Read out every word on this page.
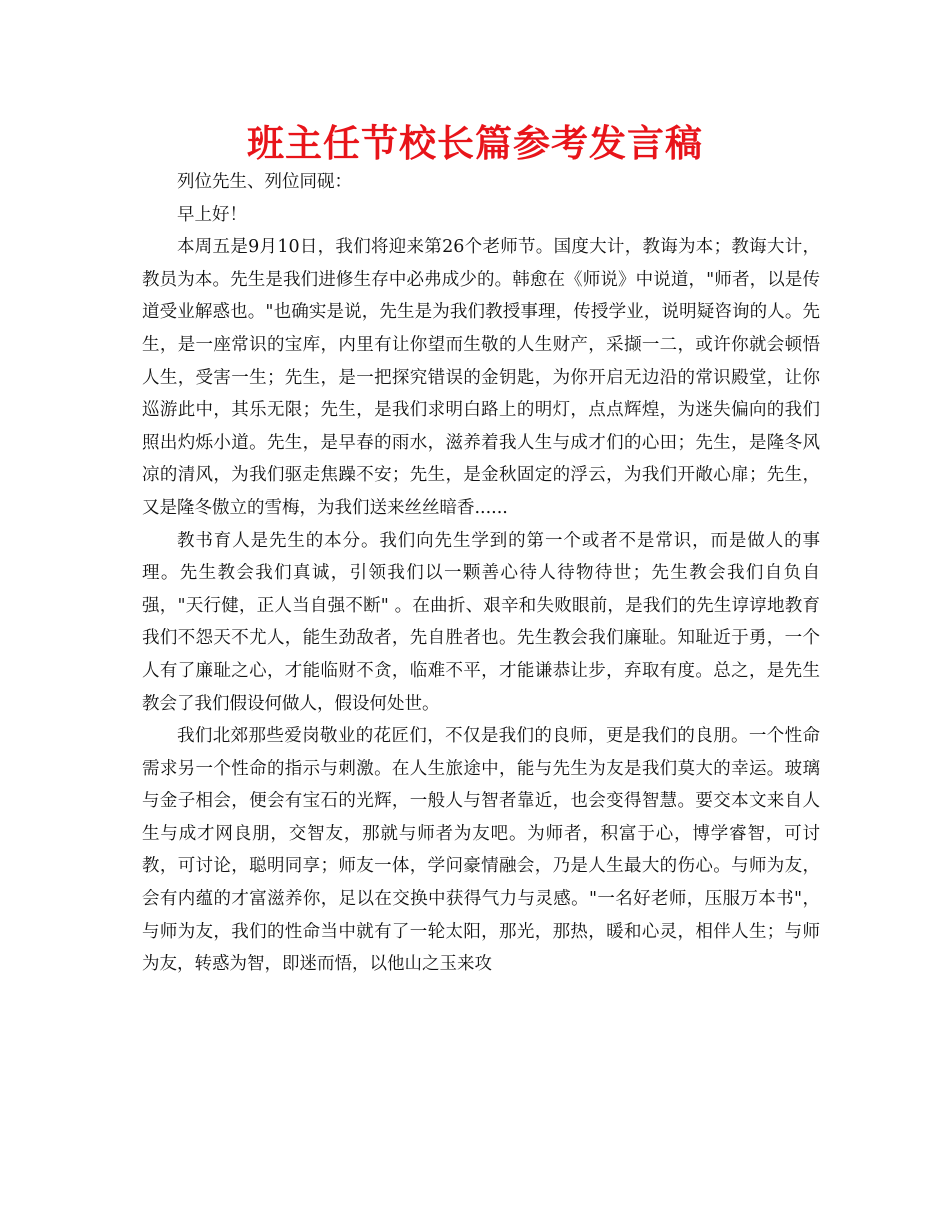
班主任节校长篇参考发言稿

列位先生、列位同砚：

早上好！

本周五是9月10日，我们将迎来第26个老师节。国度大计，教诲为本；教诲大计，教员为本。先生是我们进修生存中必弗成少的。韩愈在《师说》中说道，"师者，以是传道受业解惑也。"也确实是说，先生是为我们教授事理，传授学业，说明疑咨询的人。先生，是一座常识的宝库，内里有让你望而生敬的人生财产，采撷一二，或许你就会顿悟人生，受害一生；先生，是一把探究错误的金钥匙，为你开启无边沿的常识殿堂，让你巡游此中，其乐无限；先生，是我们求明白路上的明灯，点点辉煌，为迷失偏向的我们照出灼烁小道。先生，是早春的雨水，滋养着我人生与成才们的心田；先生，是隆冬风凉的清风，为我们驱走焦躁不安；先生，是金秋固定的浮云，为我们开敞心扉；先生，又是隆冬傲立的雪梅，为我们送来丝丝暗香......

教书育人是先生的本分。我们向先生学到的第一个或者不是常识，而是做人的事理。先生教会我们真诚，引领我们以一颗善心待人待物待世；先生教会我们自负自强，"天行健，正人当自强不断" 。在曲折、艰辛和失败眼前，是我们的先生谆谆地教育我们不怨天不尤人，能生劲敌者，先自胜者也。先生教会我们廉耻。知耻近于勇，一个人有了廉耻之心，才能临财不贪，临难不平，才能谦恭让步，弃取有度。总之，是先生教会了我们假设何做人，假设何处世。

我们北郊那些爱岗敬业的花匠们，不仅是我们的良师，更是我们的良朋。一个性命需求另一个性命的指示与刺激。在人生旅途中，能与先生为友是我们莫大的幸运。玻璃与金子相会，便会有宝石的光辉，一般人与智者靠近，也会变得智慧。要交本文来自人生与成才网良朋，交智友，那就与师者为友吧。为师者，积富于心，博学睿智，可讨教，可讨论，聪明同享；师友一体，学问豪情融会，乃是人生最大的伤心。与师为友，会有内蕴的才富滋养你，足以在交换中获得气力与灵感。"一名好老师，压服万本书"，与师为友，我们的性命当中就有了一轮太阳，那光，那热，暖和心灵，相伴人生；与师为友，转惑为智，即迷而悟，以他山之玉来攻
